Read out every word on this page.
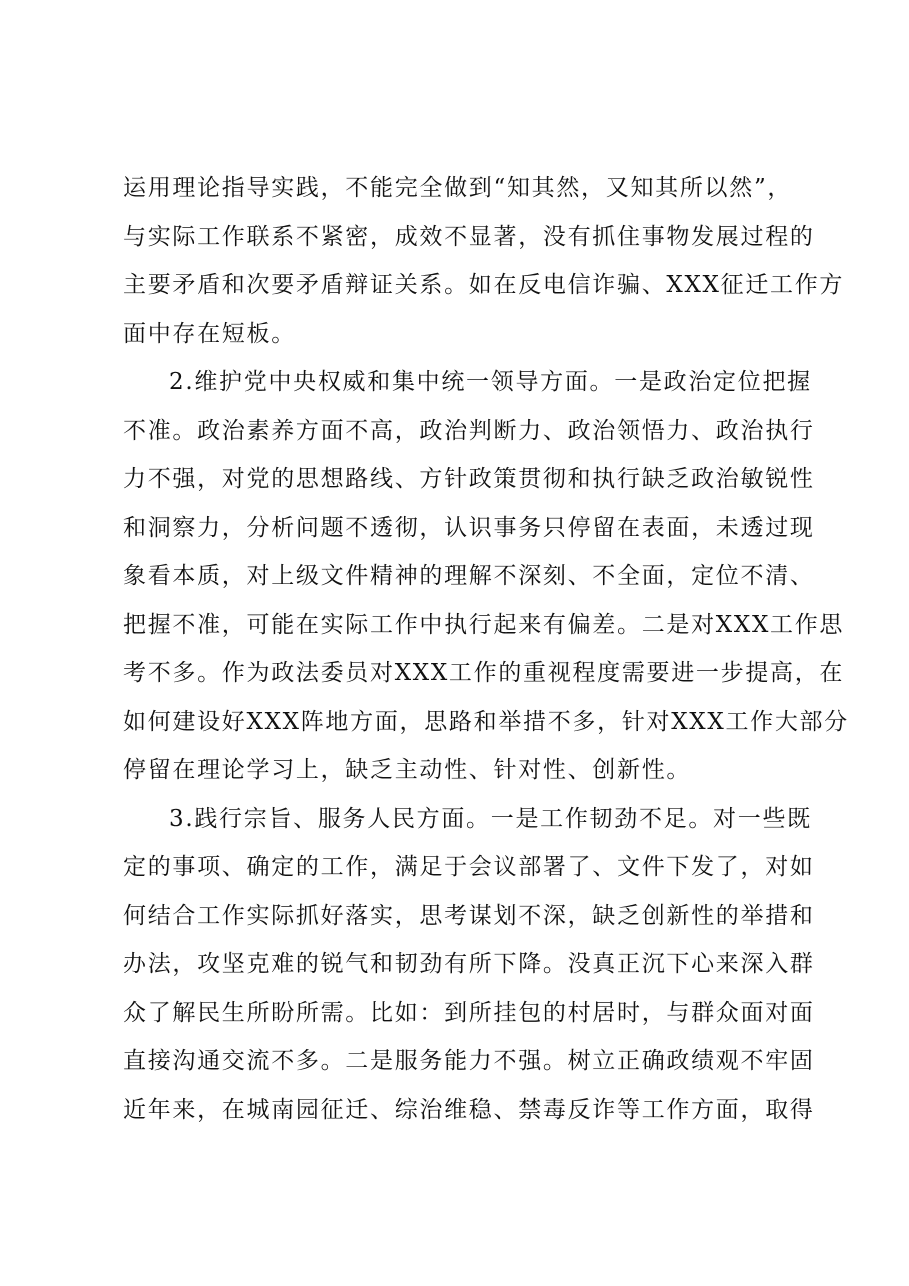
运用理论指导实践，不能完全做到“知其然，又知其所以然”，
与实际工作联系不紧密，成效不显著，没有抓住事物发展过程的
主要矛盾和次要矛盾辩证关系。如在反电信诈骗、XXX征迁工作方
面中存在短板。
2.维护党中央权威和集中统一领导方面。一是政治定位把握
不准。政治素养方面不高，政治判断力、政治领悟力、政治执行
力不强，对党的思想路线、方针政策贯彻和执行缺乏政治敏锐性
和洞察力，分析问题不透彻，认识事务只停留在表面，未透过现
象看本质，对上级文件精神的理解不深刻、不全面，定位不清、
把握不准，可能在实际工作中执行起来有偏差。二是对XXX工作思
考不多。作为政法委员对XXX工作的重视程度需要进一步提高，在
如何建设好XXX阵地方面，思路和举措不多，针对XXX工作大部分
停留在理论学习上，缺乏主动性、针对性、创新性。
3.践行宗旨、服务人民方面。一是工作韧劲不足。对一些既
定的事项、确定的工作，满足于会议部署了、文件下发了，对如
何结合工作实际抓好落实，思考谋划不深，缺乏创新性的举措和
办法，攻坚克难的锐气和韧劲有所下降。没真正沉下心来深入群
众了解民生所盼所需。比如：到所挂包的村居时，与群众面对面
直接沟通交流不多。二是服务能力不强。树立正确政绩观不牢固
近年来，在城南园征迁、综治维稳、禁毒反诈等工作方面，取得
